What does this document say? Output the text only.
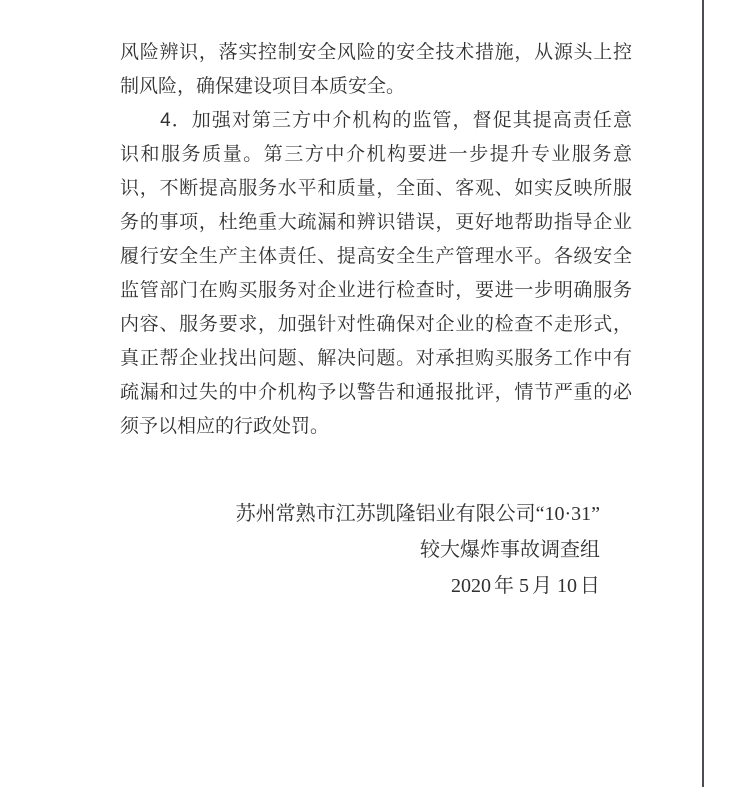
风险辨识，落实控制安全风险的安全技术措施，从源头上控
制风险，确保建设项目本质安全。
　　4．加强对第三方中介机构的监管，督促其提高责任意
识和服务质量。第三方中介机构要进一步提升专业服务意
识，不断提高服务水平和质量，全面、客观、如实反映所服
务的事项，杜绝重大疏漏和辨识错误，更好地帮助指导企业
履行安全生产主体责任、提高安全生产管理水平。各级安全
监管部门在购买服务对企业进行检查时，要进一步明确服务
内容、服务要求，加强针对性确保对企业的检查不走形式，
真正帮企业找出问题、解决问题。对承担购买服务工作中有
疏漏和过失的中介机构予以警告和通报批评，情节严重的必
须予以相应的行政处罚。
苏州常熟市江苏凯隆铝业有限公司“10·31”
较大爆炸事故调查组
2020 年 5 月 10 日
